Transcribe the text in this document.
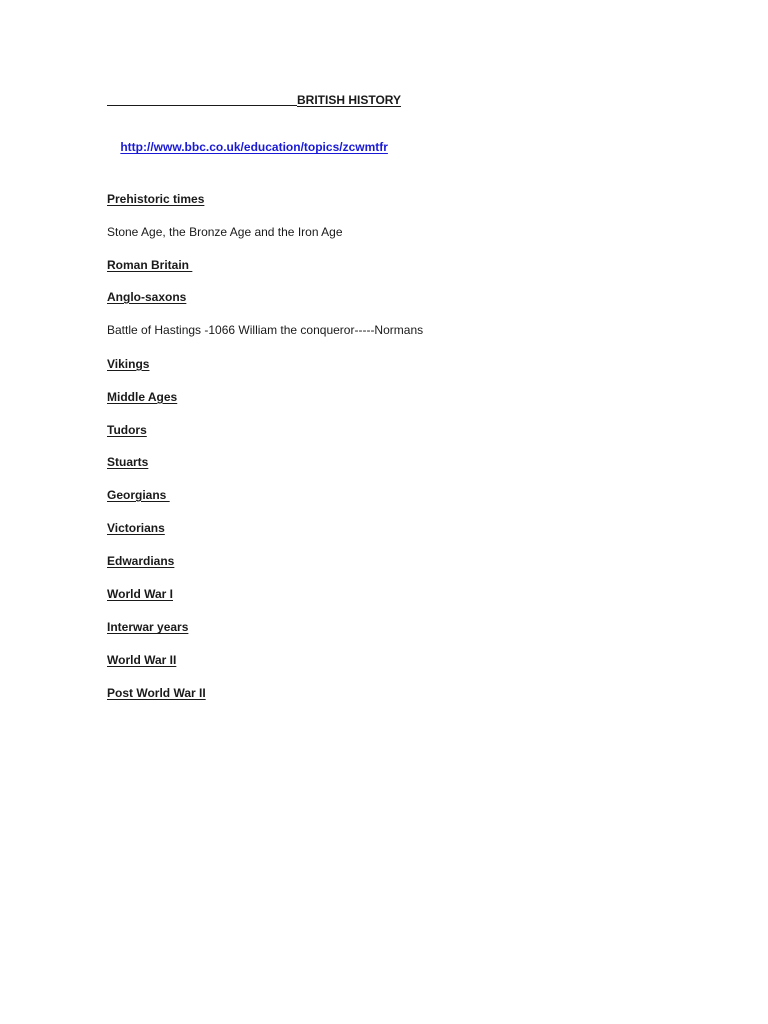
BRITISH HISTORY

http://www.bbc.co.uk/education/topics/zcwmtfr

Prehistoric times
Stone Age, the Bronze Age and the Iron Age
Roman Britain
Anglo-saxons
Battle of Hastings -1066 William the conqueror-----Normans
Vikings
Middle Ages
Tudors
Stuarts
Georgians
Victorians
Edwardians
World War I
Interwar years
World War II
Post World War II
